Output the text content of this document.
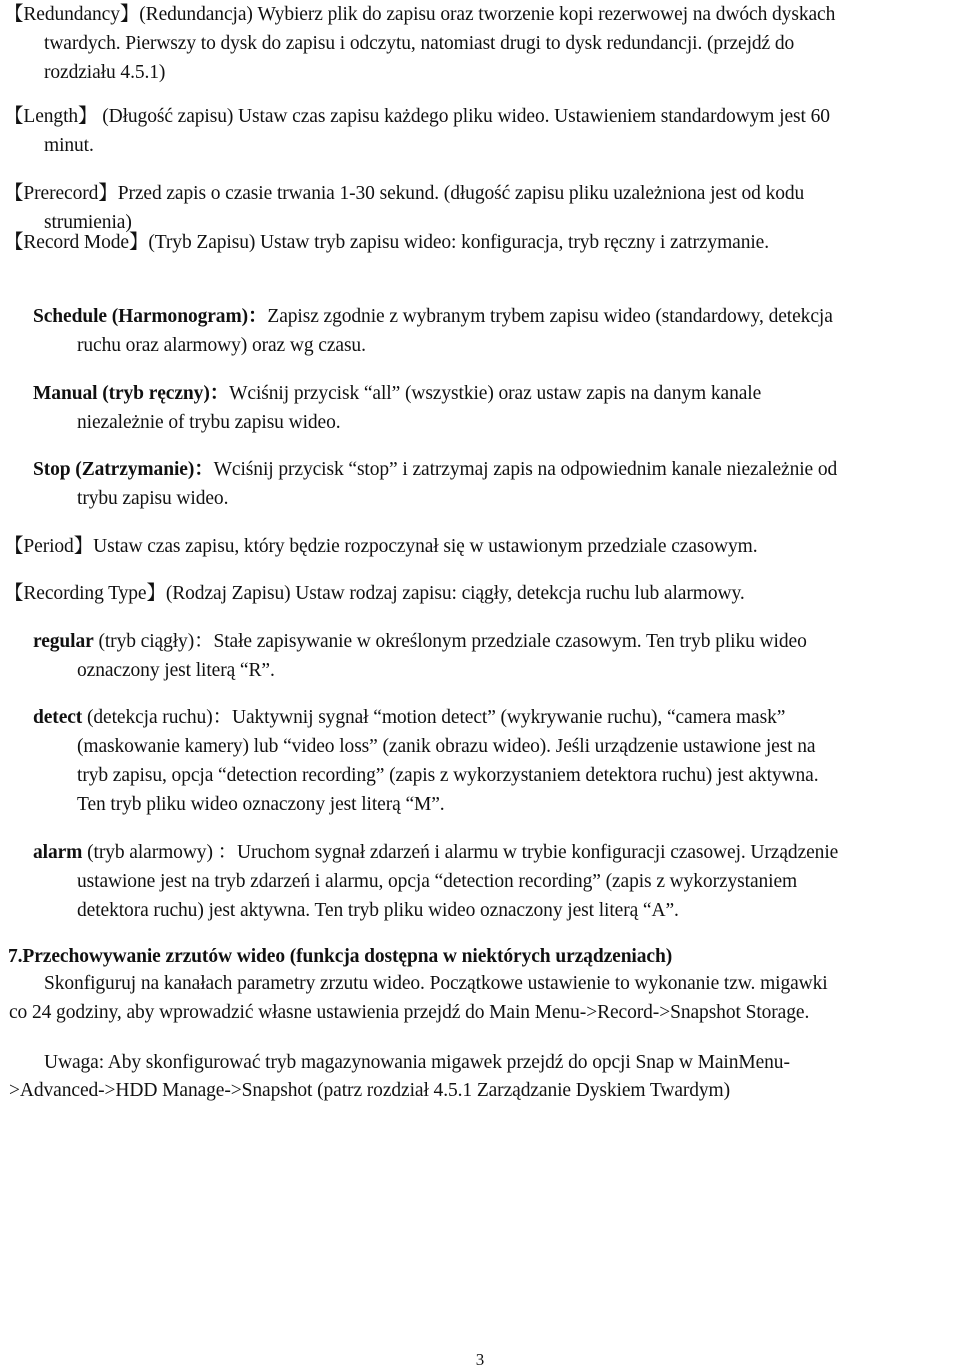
【Redundancy】(Redundancja) Wybierz plik do zapisu oraz tworzenie kopi rezerwowej na dwóch dyskach
twardych. Pierwszy to dysk do zapisu i odczytu, natomiast drugi to dysk redundancji. (przejdź do
rozdziału 4.5.1)
【Length】 (Długość zapisu) Ustaw czas zapisu każdego pliku wideo. Ustawieniem standardowym jest 60
minut.
【Prerecord】Przed zapis o czasie trwania 1-30 sekund. (długość zapisu pliku uzależniona jest od kodu
strumienia)
【Record Mode】(Tryb Zapisu) Ustaw tryb zapisu wideo: konfiguracja, tryb ręczny i zatrzymanie.
Schedule (Harmonogram)：Zapisz zgodnie z wybranym trybem zapisu wideo (standardowy, detekcja
ruchu oraz alarmowy) oraz wg czasu.
Manual (tryb ręczny)：Wciśnij przycisk “all” (wszystkie) oraz ustaw zapis na danym kanale
niezależnie of trybu zapisu wideo.
Stop (Zatrzymanie)：Wciśnij przycisk “stop” i zatrzymaj zapis na odpowiednim kanale niezależnie od
trybu zapisu wideo.
【Period】Ustaw czas zapisu, który będzie rozpoczynał się w ustawionym przedziale czasowym.
【Recording Type】(Rodzaj Zapisu) Ustaw rodzaj zapisu: ciągły, detekcja ruchu lub alarmowy.
regular (tryb ciągły)：Stałe zapisywanie w określonym przedziale czasowym. Ten tryb pliku wideo
oznaczony jest literą “R”.
detect (detekcja ruchu)：Uaktywnij sygnał “motion detect” (wykrywanie ruchu), “camera mask”
(maskowanie kamery) lub “video loss” (zanik obrazu wideo). Jeśli urządzenie ustawione jest na
tryb zapisu, opcja “detection recording” (zapis z wykorzystaniem detektora ruchu) jest aktywna.
Ten tryb pliku wideo oznaczony jest literą “M”.
alarm (tryb alarmowy) ：Uruchom sygnał zdarzeń i alarmu w trybie konfiguracji czasowej. Urządzenie
ustawione jest na tryb zdarzeń i alarmu, opcja “detection recording” (zapis z wykorzystaniem
detektora ruchu) jest aktywna. Ten tryb pliku wideo oznaczony jest literą “A”.
7.Przechowywanie zrzutów wideo (funkcja dostępna w niektórych urządzeniach)
Skonfiguruj na kanałach parametry zrzutu wideo. Początkowe ustawienie to wykonanie tzw. migawki
co 24 godziny, aby wprowadzić własne ustawienia przejdź do Main Menu->Record->Snapshot Storage.
Uwaga: Aby skonfigurować tryb magazynowania migawek przejdź do opcji Snap w MainMenu-
>Advanced->HDD Manage->Snapshot (patrz rozdział 4.5.1 Zarządzanie Dyskiem Twardym)
3
